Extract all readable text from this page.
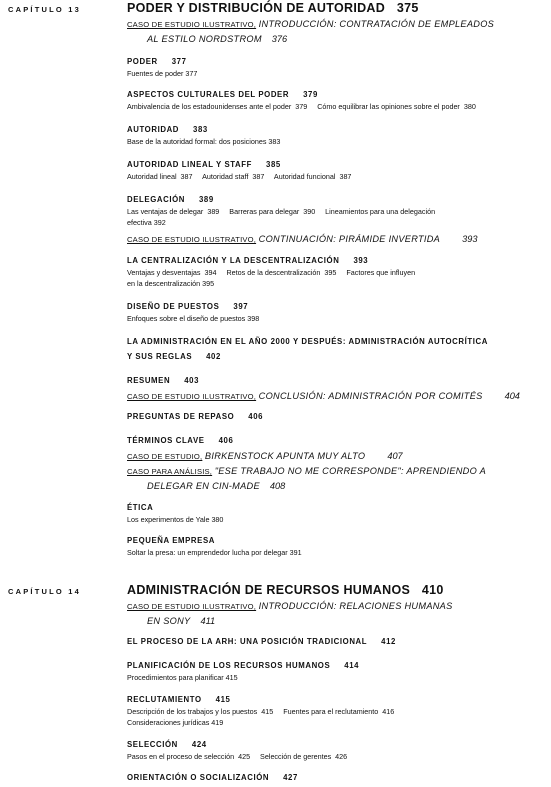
CAPÍTULO 13	PODER Y DISTRIBUCIÓN DE AUTORIDAD 375
CASO DE ESTUDIO ILUSTRATIVO, INTRODUCCIÓN: CONTRATACIÓN DE EMPLEADOS
AL ESTILO NORDSTROM 376
PODER 377
Fuentes de poder 377
ASPECTOS CULTURALES DEL PODER 379
Ambivalencia de los estadounidenses ante el poder  379     Cómo equilibrar las opiniones sobre el poder  380
AUTORIDAD 383
Base de la autoridad formal: dos posiciones 383
AUTORIDAD LINEAL Y STAFF 385
Autoridad lineal  387     Autoridad staff  387     Autoridad funcional  387
DELEGACIÓN 389
Las ventajas de delegar  389     Barreras para delegar  390     Lineamientos para una delegación
efectiva 392
CASO DE ESTUDIO ILUSTRATIVO, CONTINUACIÓN: PIRÁMIDE INVERTIDA 393
LA CENTRALIZACIÓN Y LA DESCENTRALIZACIÓN 393
Ventajas y desventajas  394     Retos de la descentralización  395     Factores que influyen
en la descentralización 395
DISEÑO DE PUESTOS 397
Enfoques sobre el diseño de puestos 398
LA ADMINISTRACIÓN EN EL AÑO 2000 Y DESPUÉS: ADMINISTRACIÓN AUTOCRÍTICA
Y SUS REGLAS 402
RESUMEN 403
CASO DE ESTUDIO ILUSTRATIVO, CONCLUSIÓN: ADMINISTRACIÓN POR COMITÉS 404
PREGUNTAS DE REPASO 406
TÉRMINOS CLAVE 406
CASO DE ESTUDIO, BIRKENSTOCK APUNTA MUY ALTO 407
CASO PARA ANÁLISIS, "ESE TRABAJO NO ME CORRESPONDE": APRENDIENDO A
DELEGAR EN CIN-MADE 408
ÉTICA
Los experimentos de Yale 380
PEQUEÑA EMPRESA
Soltar la presa: un emprendedor lucha por delegar 391
CAPÍTULO 14	ADMINISTRACIÓN DE RECURSOS HUMANOS 410
CASO DE ESTUDIO ILUSTRATIVO, INTRODUCCIÓN: RELACIONES HUMANAS
EN SONY 411
EL PROCESO DE LA ARH: UNA POSICIÓN TRADICIONAL 412
PLANIFICACIÓN DE LOS RECURSOS HUMANOS 414
Procedimientos para planificar 415
RECLUTAMIENTO 415
Descripción de los trabajos y los puestos  415     Fuentes para el reclutamiento  416
Consideraciones jurídicas 419
SELECCIÓN 424
Pasos en el proceso de selección  425     Selección de gerentes  426
ORIENTACIÓN O SOCIALIZACIÓN 427
